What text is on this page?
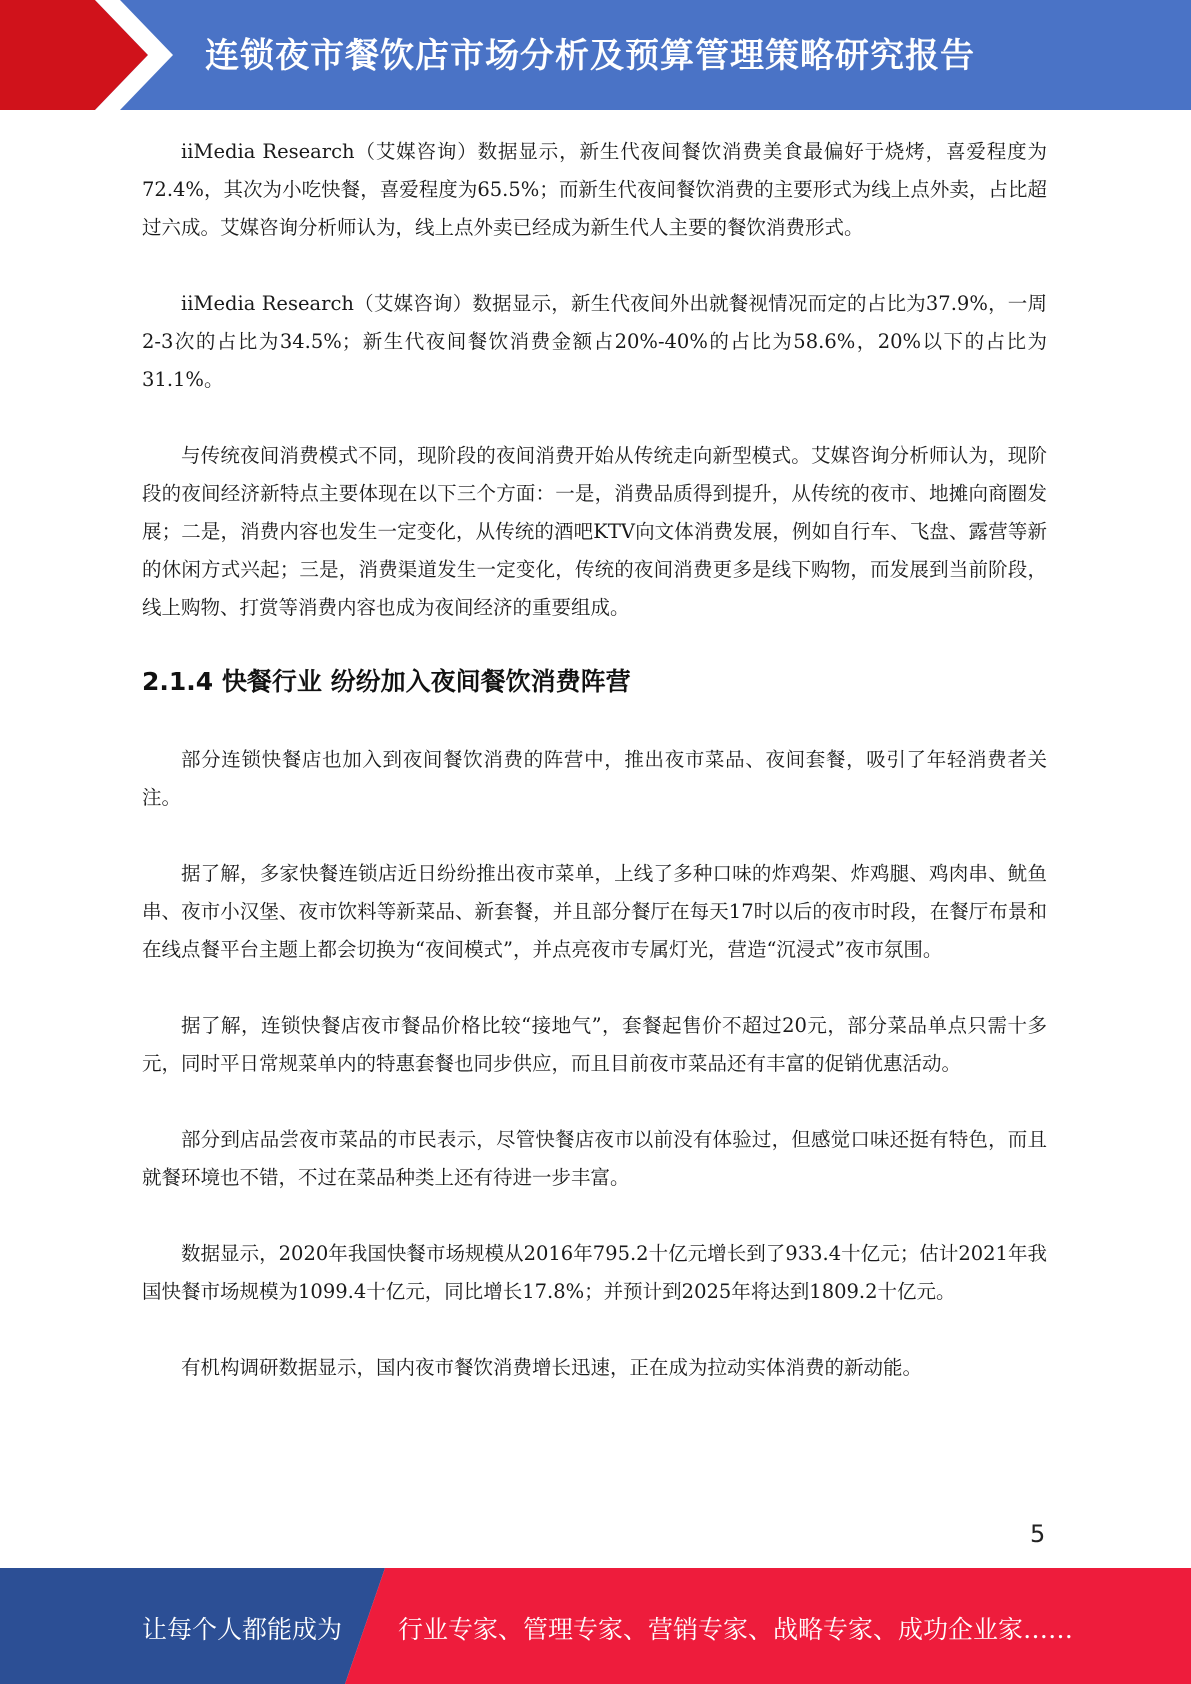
连锁夜市餐饮店市场分析及预算管理策略研究报告

iiMedia Research（艾媒咨询）数据显示，新生代夜间餐饮消费美食最偏好于烧烤，喜爱程度为72.4%，其次为小吃快餐，喜爱程度为65.5%；而新生代夜间餐饮消费的主要形式为线上点外卖，占比超过六成。艾媒咨询分析师认为，线上点外卖已经成为新生代人主要的餐饮消费形式。

iiMedia Research（艾媒咨询）数据显示，新生代夜间外出就餐视情况而定的占比为37.9%，一周2-3次的占比为34.5%；新生代夜间餐饮消费金额占20%-40%的占比为58.6%，20%以下的占比为31.1%。

与传统夜间消费模式不同，现阶段的夜间消费开始从传统走向新型模式。艾媒咨询分析师认为，现阶段的夜间经济新特点主要体现在以下三个方面：一是，消费品质得到提升，从传统的夜市、地摊向商圈发展；二是，消费内容也发生一定变化，从传统的酒吧KTV向文体消费发展，例如自行车、飞盘、露营等新的休闲方式兴起；三是，消费渠道发生一定变化，传统的夜间消费更多是线下购物，而发展到当前阶段，线上购物、打赏等消费内容也成为夜间经济的重要组成。

2.1.4 快餐行业 纷纷加入夜间餐饮消费阵营

部分连锁快餐店也加入到夜间餐饮消费的阵营中，推出夜市菜品、夜间套餐，吸引了年轻消费者关注。

据了解，多家快餐连锁店近日纷纷推出夜市菜单，上线了多种口味的炸鸡架、炸鸡腿、鸡肉串、鱿鱼串、夜市小汉堡、夜市饮料等新菜品、新套餐，并且部分餐厅在每天17时以后的夜市时段，在餐厅布景和在线点餐平台主题上都会切换为“夜间模式”，并点亮夜市专属灯光，营造“沉浸式”夜市氛围。

据了解，连锁快餐店夜市餐品价格比较“接地气”，套餐起售价不超过20元，部分菜品单点只需十多元，同时平日常规菜单内的特惠套餐也同步供应，而且目前夜市菜品还有丰富的促销优惠活动。

部分到店品尝夜市菜品的市民表示，尽管快餐店夜市以前没有体验过，但感觉口味还挺有特色，而且就餐环境也不错，不过在菜品种类上还有待进一步丰富。

数据显示，2020年我国快餐市场规模从2016年795.2十亿元增长到了933.4十亿元；估计2021年我国快餐市场规模为1099.4十亿元，同比增长17.8%；并预计到2025年将达到1809.2十亿元。

有机构调研数据显示，国内夜市餐饮消费增长迅速，正在成为拉动实体消费的新动能。

5
让每个人都能成为 行业专家、管理专家、营销专家、战略专家、成功企业家……
